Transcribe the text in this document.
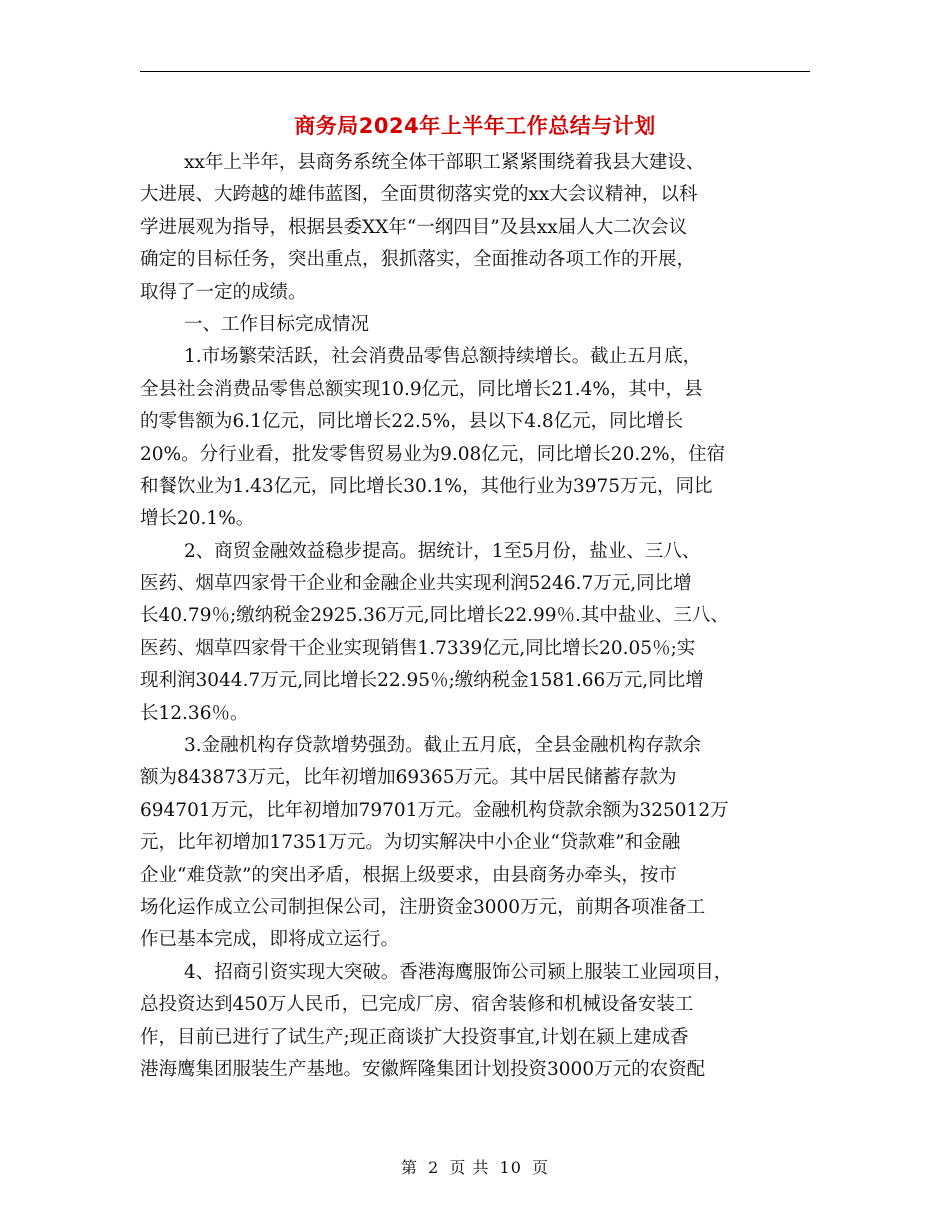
商务局2024年上半年工作总结与计划
xx年上半年，县商务系统全体干部职工紧紧围绕着我县大建设、
大进展、大跨越的雄伟蓝图，全面贯彻落实党的xx大会议精神，以科
学进展观为指导，根据县委XX年“一纲四目”及县xx届人大二次会议
确定的目标任务，突出重点，狠抓落实，全面推动各项工作的开展，
取得了一定的成绩。
一、工作目标完成情况
1.市场繁荣活跃，社会消费品零售总额持续增长。截止五月底，
全县社会消费品零售总额实现10.9亿元，同比增长21.4%，其中，县
的零售额为6.1亿元，同比增长22.5%，县以下4.8亿元，同比增长
20%。分行业看，批发零售贸易业为9.08亿元，同比增长20.2%，住宿
和餐饮业为1.43亿元，同比增长30.1%，其他行业为3975万元，同比
增长20.1%。
2、商贸金融效益稳步提高。据统计，1至5月份，盐业、三八、
医药、烟草四家骨干企业和金融企业共实现利润5246.7万元,同比增
长40.79％;缴纳税金2925.36万元,同比增长22.99％.其中盐业、三八、
医药、烟草四家骨干企业实现销售1.7339亿元,同比增长20.05％;实
现利润3044.7万元,同比增长22.95％;缴纳税金1581.66万元,同比增
长12.36％。
3.金融机构存贷款增势强劲。截止五月底，全县金融机构存款余
额为843873万元，比年初增加69365万元。其中居民储蓄存款为
694701万元，比年初增加79701万元。金融机构贷款余额为325012万
元，比年初增加17351万元。为切实解决中小企业“贷款难”和金融
企业“难贷款”的突出矛盾，根据上级要求，由县商务办牵头，按市
场化运作成立公司制担保公司，注册资金3000万元，前期各项准备工
作已基本完成，即将成立运行。
4、招商引资实现大突破。香港海鹰服饰公司颍上服装工业园项目，
总投资达到450万人民币，已完成厂房、宿舍装修和机械设备安装工
作，目前已进行了试生产;现正商谈扩大投资事宜,计划在颍上建成香
港海鹰集团服装生产基地。安徽辉隆集团计划投资3000万元的农资配
第 2 页 共 10 页
